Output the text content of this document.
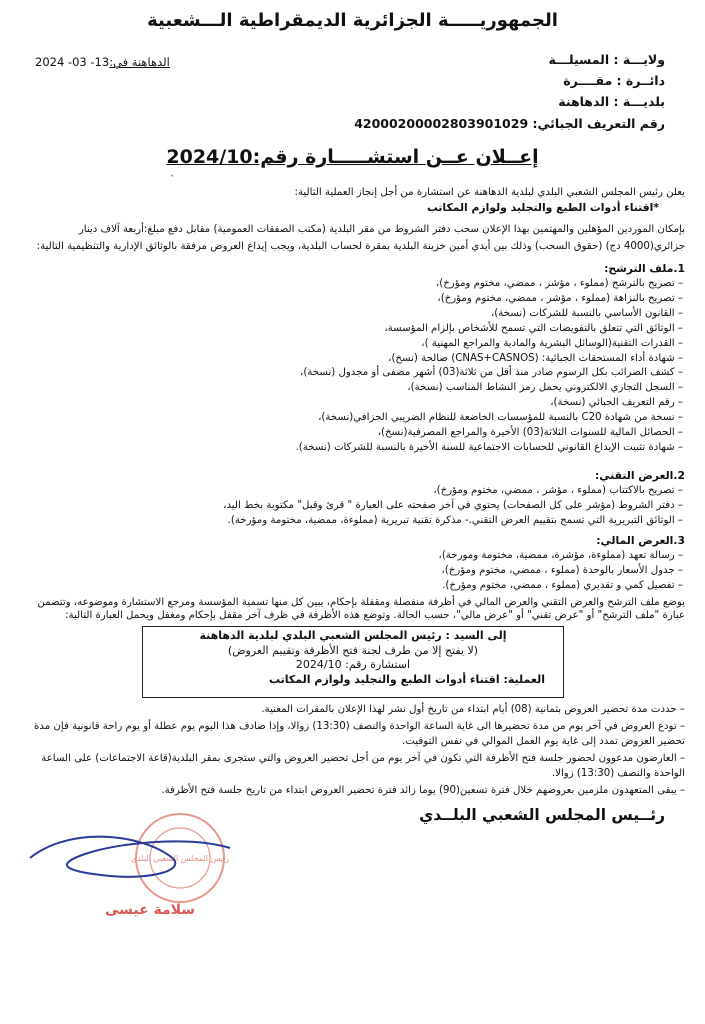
الجمهوريـــــة الجزائرية الديمقراطية الـــشعبية
ولايـــة : المسيلـــة
دائــرة : مقــــرة
بلديـــة : الدهاهنة
رقم التعريف الجبائي: 42000200002803901029
الدهاهنة في:13- 03- 2024
إعــلان عــن استشـــــارة رقم:2024/10
ˎ
يعلن رئيس المجلس الشعبي البلدي لبلدية الدهاهنة عن استشارة من أجل إنجاز العملية التالية:
*اقتناء أدوات الطبع والتجليد ولوازم المكاتب
بإمكان الموردين المؤهلين والمهتمين بهذا الإعلان سحب دفتر الشروط من مقر البلدية (مكتب الصفقات العمومية) مقابل دفع مبلغ:أربعة آلاف دينار
جزائري(4000 دج) (حقوق السحب) وذلك بين أيدي أمين خزينة البلدية بمقرة لحساب البلدية، ويجب إيداع العروض مرفقة بالوثائق الإدارية والتنظيمية التالية:
1.ملف الترشح:
– تصريح بالترشح (مملوء ، مؤشر ، ممضي، مختوم ومؤرخ)،
– تصريح بالنزاهة (مملوء ، مؤشر ، ممضي، مختوم ومؤرخ)،
– القانون الأساسي بالنسبة للشركات (نسخة)،
– الوثائق التي تتعلق بالتفويضات التي تسمح للأشخاص بإلزام المؤسسة،
– القدرات التقنية(الوسائل البشرية والمادية والمراجع المهنية )،
– شهادة أداء المستحقات الجبائية: (CNAS+CASNOS) صالحة (نسخ)،
– كشف الضرائب بكل الرسوم صادر منذ أقل من ثلاثة(03) أشهر مصفى أو مجدول (نسخة)،
– السجل التجاري الالكتروني يحمل رمز النشاط المناسب (نسخة)،
– رقم التعريف الجبائي (نسخة)،
– نسخة من شهادة C20 بالنسبة للمؤسسات الخاضعة للنظام الضريبي الجزافي(نسخة)،
– الحصائل المالية للسنوات الثلاثة(03) الأخيرة والمراجع المصرفية(نسخ)،
– شهادة تثبيت الإيداع القانوني للحسابات الاجتماعية للسنة الأخيرة بالنسبة للشركات (نسخة).
2.العرض التقني:
– تصريح بالاكتتاب (مملوء ، مؤشر ، ممضي، مختوم ومؤرخ)،
– دفتر الشروط (مؤشر على كل الصفحات) يحتوي في آخر صفحته على العبارة " قرئ وقبل" مكتوبة بخط اليد،
– الوثائق التبريرية التي تسمح بتقييم العرض التقني.- مذكرة تقنية تبريرية (مملوءة، ممضية، مختومة ومؤرخة).
3.العرض المالي:
– رسالة تعهد (مملوءة، مؤشرة، ممضية، مختومة ومورخة)،
– جدول الأسعار بالوحدة (مملوء ، ممضي، مختوم ومؤرخ)،
– تفصيل كمي و تقديري (مملوء ، ممضي، مختوم ومؤرخ).
يوضع ملف الترشح والعرض التقني والعرض المالي في أظرفة منفصلة ومقفلة بإحكام، يبين كل منها تسمية المؤسسة ومرجع الاستشارة وموضوعه، وتتضمن عبارة "ملف الترشح" أو "عرض تقني" أو "عرض مالي"، حسب الحالة. وتوضع هذه الأظرفة في ظرف آخر مقفل بإحكام ومغفل ويحمل العبارة التالية:
إلى السيد : رئيس المجلس الشعبي البلدي لبلدية الدهاهنة
(لا يفتح إلا من طرف لجنة فتح الأظرفة وتقييم العروض)
استشارة رقم: 2024/10
العملية: اقتناء أدوات الطبع والتجليد ولوازم المكاتب
– حددت مدة تحضير العروض بثمانية (08) أيام ابتداء من تاريخ أول نشر لهذا الإعلان بالمقرات المعنية.
– تودع العروض في آخر يوم من مدة تحضيرها الى غاية الساعة الواحدة والنصف (13:30) زوالا، وإذا صادف هذا اليوم يوم عطلة أو يوم راحة قانونية فإن مدة تحضير العروض تمدد إلى غاية يوم العمل الموالي في نفس التوقيت.
– العارضون مدعوون لحضور جلسة فتح الأظرفة التي تكون في آخر يوم من أجل تحضير العروض والتي ستجرى بمقر البلدية(قاعة الاجتماعات) على الساعة الواحدة والنصف (13:30) زوالا.
– يبقى المتعهدون ملزمين بعروضهم خلال فترة تسعين(90) يوما زائد فترة تحضير العروض ابتداء من تاريخ جلسة فتح الأظرفة.
رئــيس المجلس الشعبي البلــدي
رئيس المجلس الشعبي البلدي
سلامة عيسى
